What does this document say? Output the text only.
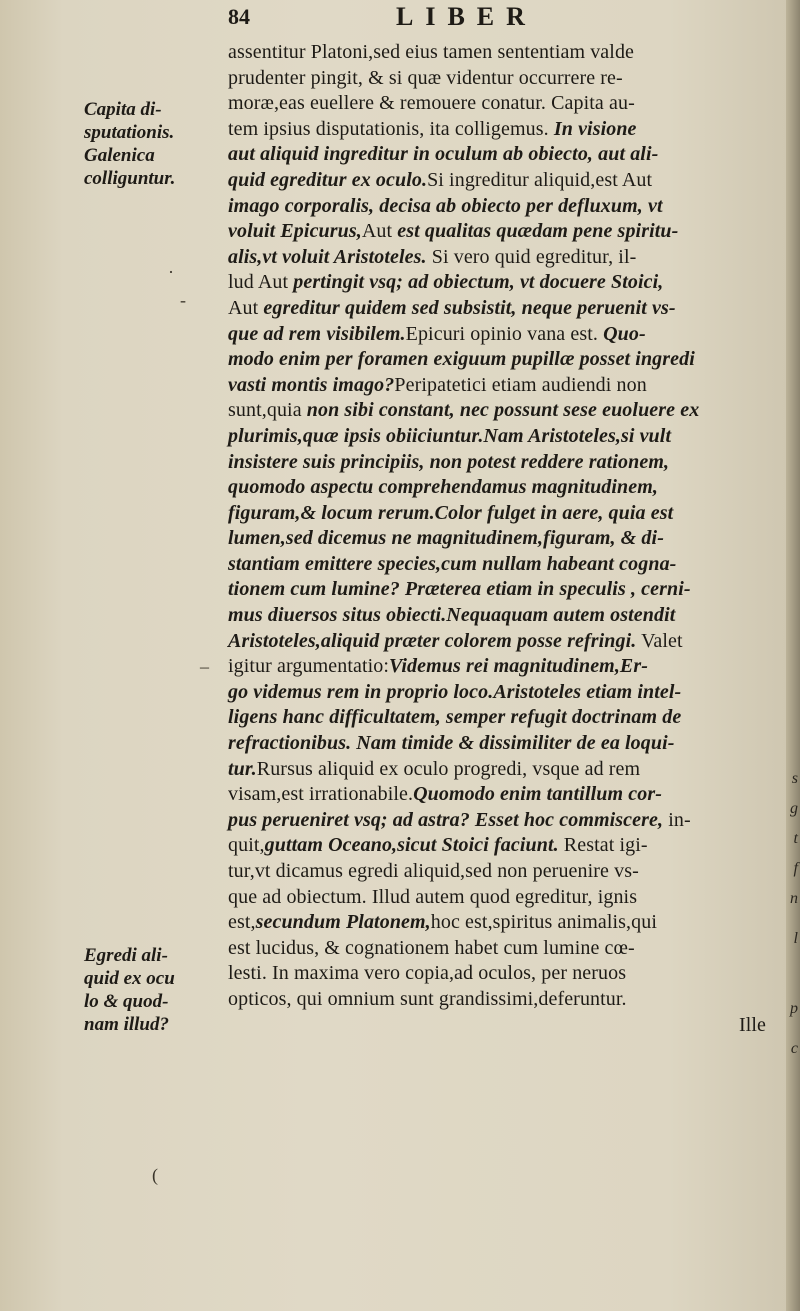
84	LIBER
Capita di-
sputationis.
Galenica
colliguntur.
Egredi ali-
quid ex ocu
lo & quod-
nam illud?
assentitur Platoni,sed eius tamen sententiam valde
prudenter pingit, & si quæ videntur occurrere re-
moræ,eas euellere & remouere conatur. Capita au-
tem ipsius disputationis, ita colligemus. In visione
aut aliquid ingreditur in oculum ab obiecto, aut ali-
quid egreditur ex oculo.Si ingreditur aliquid,est Aut
imago corporalis, decisa ab obiecto per defluxum, vt
voluit Epicurus,Aut est qualitas quædam pene spiritu-
alis,vt voluit Aristoteles. Si vero quid egreditur, il-
lud Aut pertingit vsq; ad obiectum, vt docuere Stoici,
Aut egreditur quidem sed subsistit, neque peruenit vs-
que ad rem visibilem.Epicuri opinio vana est. Quo-
modo enim per foramen exiguum pupillæ posset ingredi
vasti montis imago?Peripatetici etiam audiendi non
sunt,quia non sibi constant, nec possunt sese euoluere ex
plurimis,quæ ipsis obiiciuntur.Nam Aristoteles,si vult
insistere suis principiis, non potest reddere rationem,
quomodo aspectu comprehendamus magnitudinem,
figuram,& locum rerum.Color fulget in aere, quia est
lumen,sed dicemus ne magnitudinem,figuram, & di-
stantiam emittere species,cum nullam habeant cogna-
tionem cum lumine? Præterea etiam in speculis , cerni-
mus diuersos situs obiecti.Nequaquam autem ostendit
Aristoteles,aliquid præter colorem posse refringi. Valet
igitur argumentatio:Videmus rei magnitudinem,Er-
go videmus rem in proprio loco.Aristoteles etiam intel-
ligens hanc difficultatem, semper refugit doctrinam de
refractionibus. Nam timide & dissimiliter de ea loqui-
tur.Rursus aliquid ex oculo progredi, vsque ad rem
visam,est irrationabile.Quomodo enim tantillum cor-
pus perueniret vsq; ad astra? Esset hoc commiscere, in-
quit,guttam Oceano,sicut Stoici faciunt. Restat igi-
tur,vt dicamus egredi aliquid,sed non peruenire vs-
que ad obiectum. Illud autem quod egreditur, ignis
est,secundum Platonem,hoc est,spiritus animalis,qui
est lucidus, & cognationem habet cum lumine cœ-
lesti. In maxima vero copia,ad oculos, per neruos
opticos, qui omnium sunt grandissimi,deferuntur.
Ille
·
-
_
(
s
g
t
f
n
l
p
c
